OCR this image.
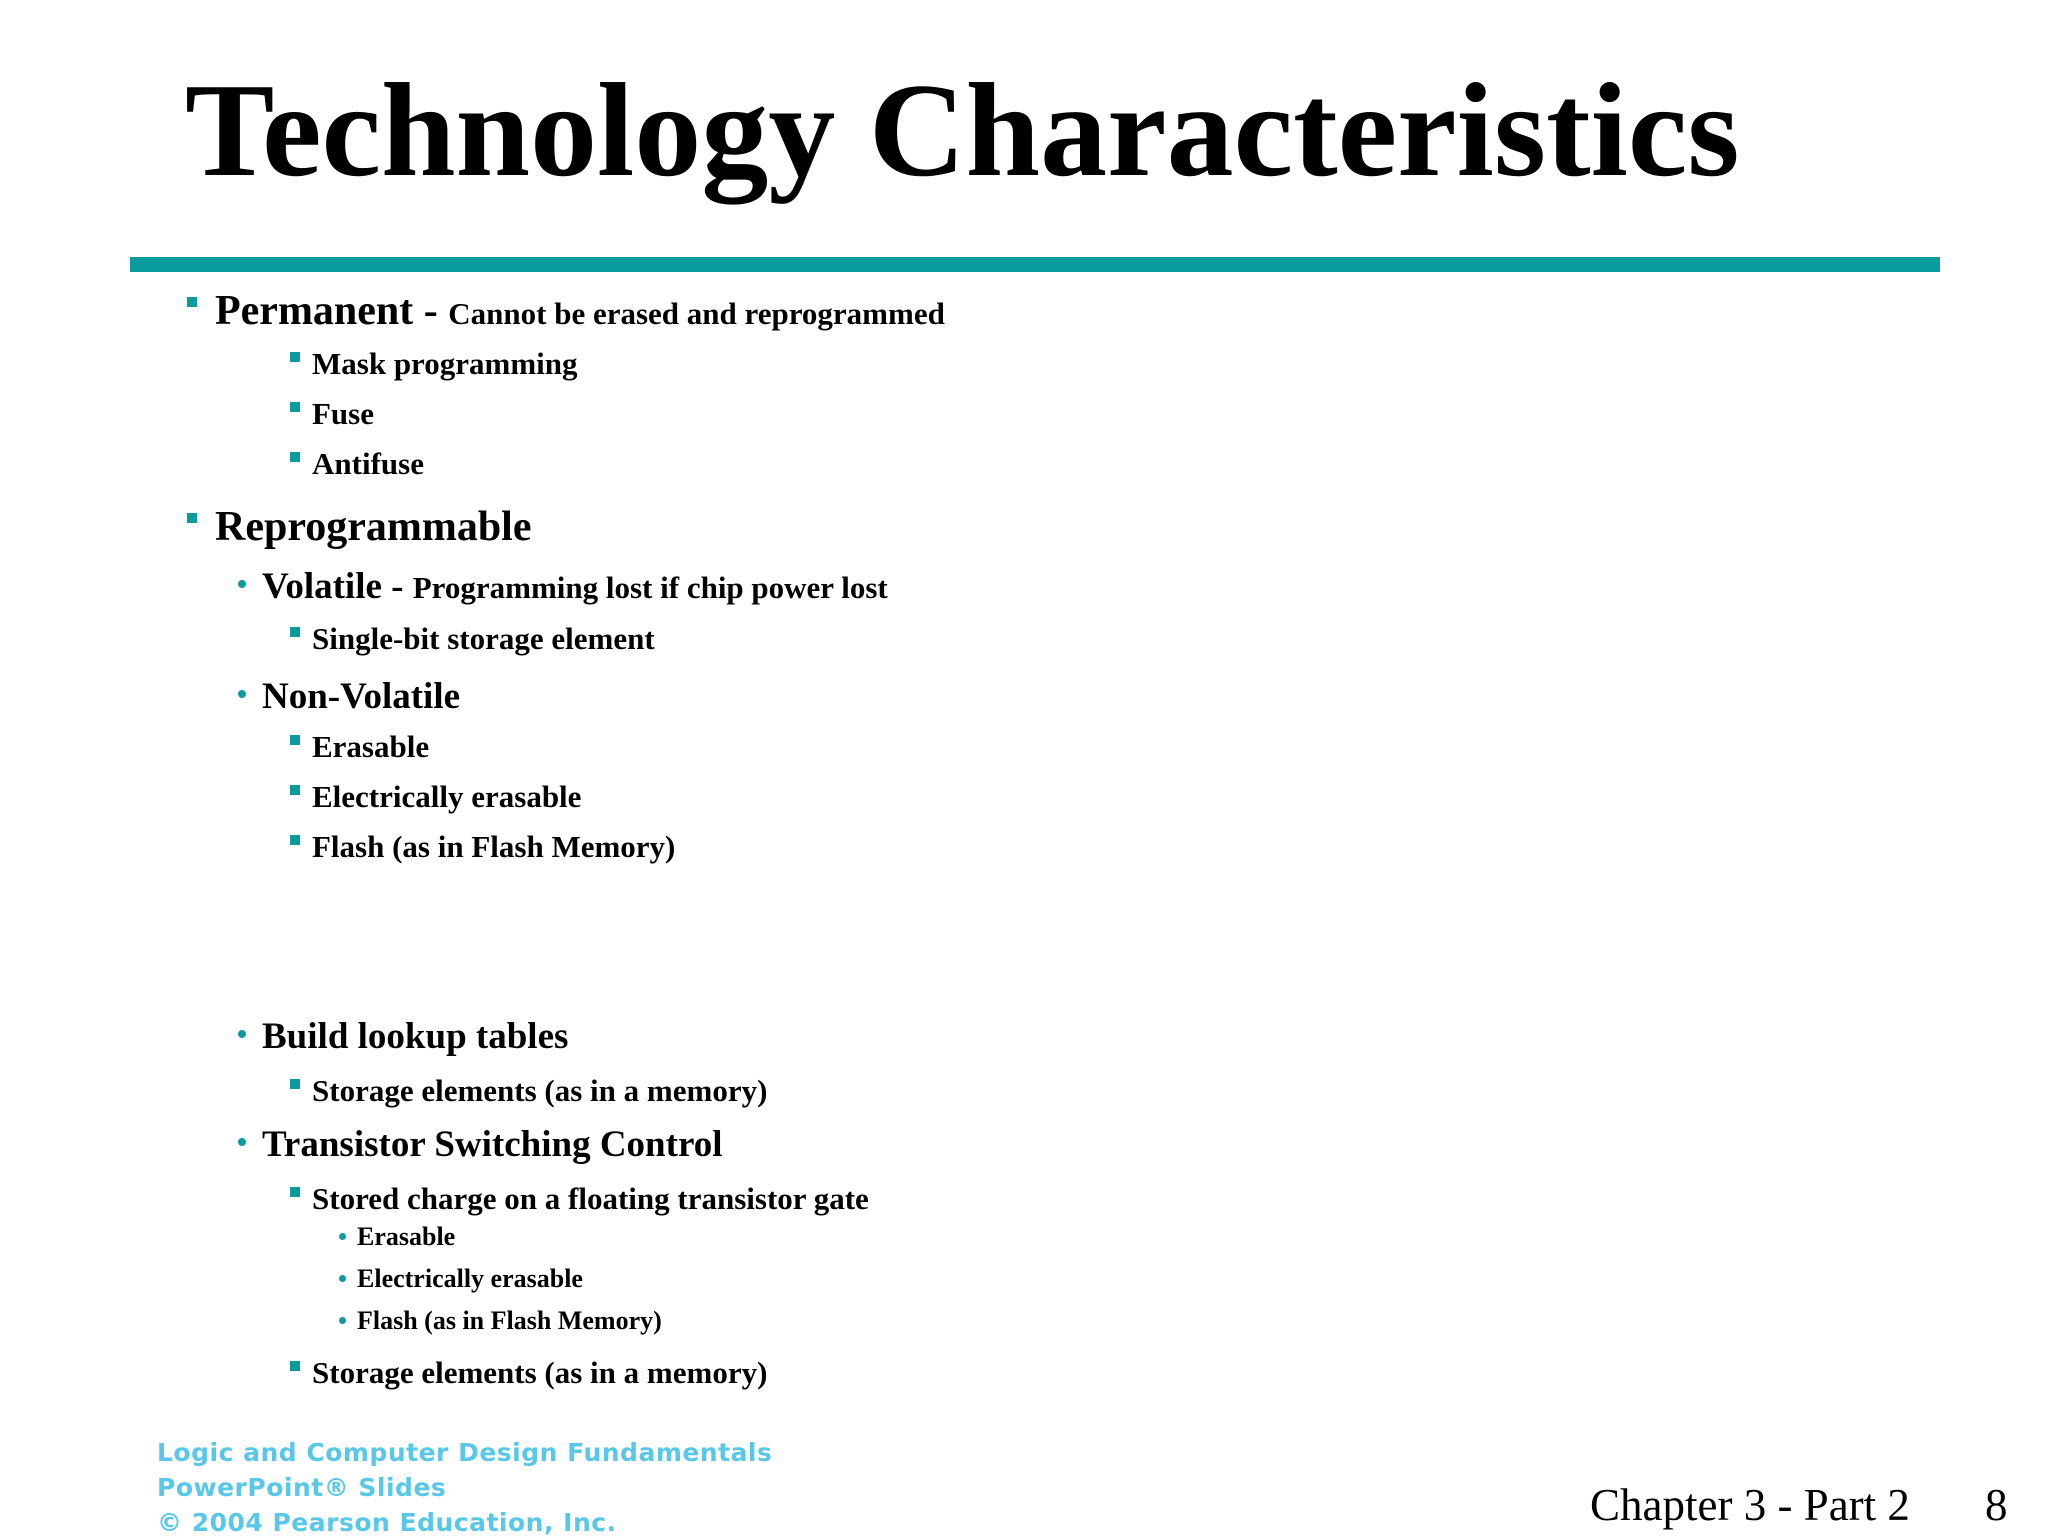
Technology Characteristics
Permanent - Cannot be erased and reprogrammed
Mask programming
Fuse
Antifuse
Reprogrammable
Volatile - Programming lost if chip power lost
Single-bit storage element
Non-Volatile
Erasable
Electrically erasable
Flash (as in Flash Memory)
Build lookup tables
Storage elements (as in a memory)
Transistor Switching Control
Stored charge on a floating transistor gate
Erasable
Electrically erasable
Flash (as in Flash Memory)
Storage elements (as in a memory)
Logic and Computer Design Fundamentals
PowerPoint® Slides
© 2004 Pearson Education, Inc.	Chapter 3 - Part 2 8
